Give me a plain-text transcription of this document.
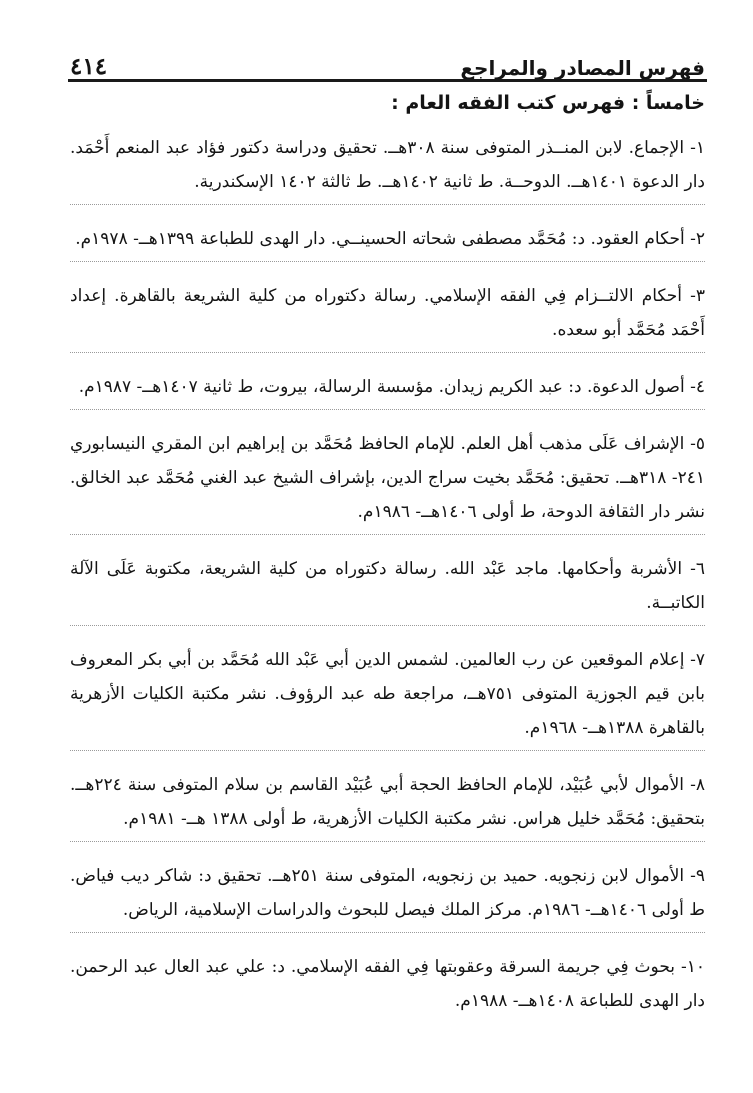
فهرس المصادر والمراجع
٤١٤
خامساً : فهرس كتب الفقه العام :

١- الإجماع. لابن المنــذر المتوفى سنة ٣٠٨هــ. تحقيق ودراسة دكتور فؤاد عبد المنعم أَحْمَد. دار الدعوة ١٤٠١هــ. الدوحــة. ط ثانية ١٤٠٢هــ. ط ثالثة ١٤٠٢ الإسكندرية.

٢- أحكام العقود. د: مُحَمَّد مصطفى شحاته الحسينــي. دار الهدى للطباعة ١٣٩٩هــ- ١٩٧٨م.

٣- أحكام الالتــزام فِي الفقه الإسلامي. رسالة دكتوراه من كلية الشريعة بالقاهرة. إعداد أَحْمَد مُحَمَّد أبو سعده.

٤- أصول الدعوة. د: عبد الكريم زيدان. مؤسسة الرسالة، بيروت، ط ثانية ١٤٠٧هــ- ١٩٨٧م.

٥- الإشراف عَلَى مذهب أهل العلم. للإمام الحافظ مُحَمَّد بن إبراهيم ابن المقري النيسابوري ٢٤١- ٣١٨هــ. تحقيق: مُحَمَّد بخيت سراج الدين، بإشراف الشيخ عبد الغني مُحَمَّد عبد الخالق. نشر دار الثقافة الدوحة، ط أولى ١٤٠٦هــ- ١٩٨٦م.

٦- الأشربة وأحكامها. ماجد عَبْد الله. رسالة دكتوراه من كلية الشريعة، مكتوبة عَلَى الآلة الكاتبــة.

٧- إعلام الموقعين عن رب العالمين. لشمس الدين أبي عَبْد الله مُحَمَّد بن أبي بكر المعروف بابن قيم الجوزية المتوفى ٧٥١هــ، مراجعة طه عبد الرؤوف. نشر مكتبة الكليات الأزهرية بالقاهرة ١٣٨٨هــ- ١٩٦٨م.

٨- الأموال لأبي عُبَيْد، للإمام الحافظ الحجة أبي عُبَيْد القاسم بن سلام المتوفى سنة ٢٢٤هــ. بتحقيق: مُحَمَّد خليل هراس. نشر مكتبة الكليات الأزهرية، ط أولى ١٣٨٨ هــ- ١٩٨١م.

٩- الأموال لابن زنجويه. حميد بن زنجويه، المتوفى سنة ٢٥١هــ. تحقيق د: شاكر ديب فياض. ط أولى ١٤٠٦هــ- ١٩٨٦م. مركز الملك فيصل للبحوث والدراسات الإسلامية، الرياض.

١٠- بحوث فِي جريمة السرقة وعقوبتها فِي الفقه الإسلامي. د: علي عبد العال عبد الرحمن. دار الهدى للطباعة ١٤٠٨هــ- ١٩٨٨م.
